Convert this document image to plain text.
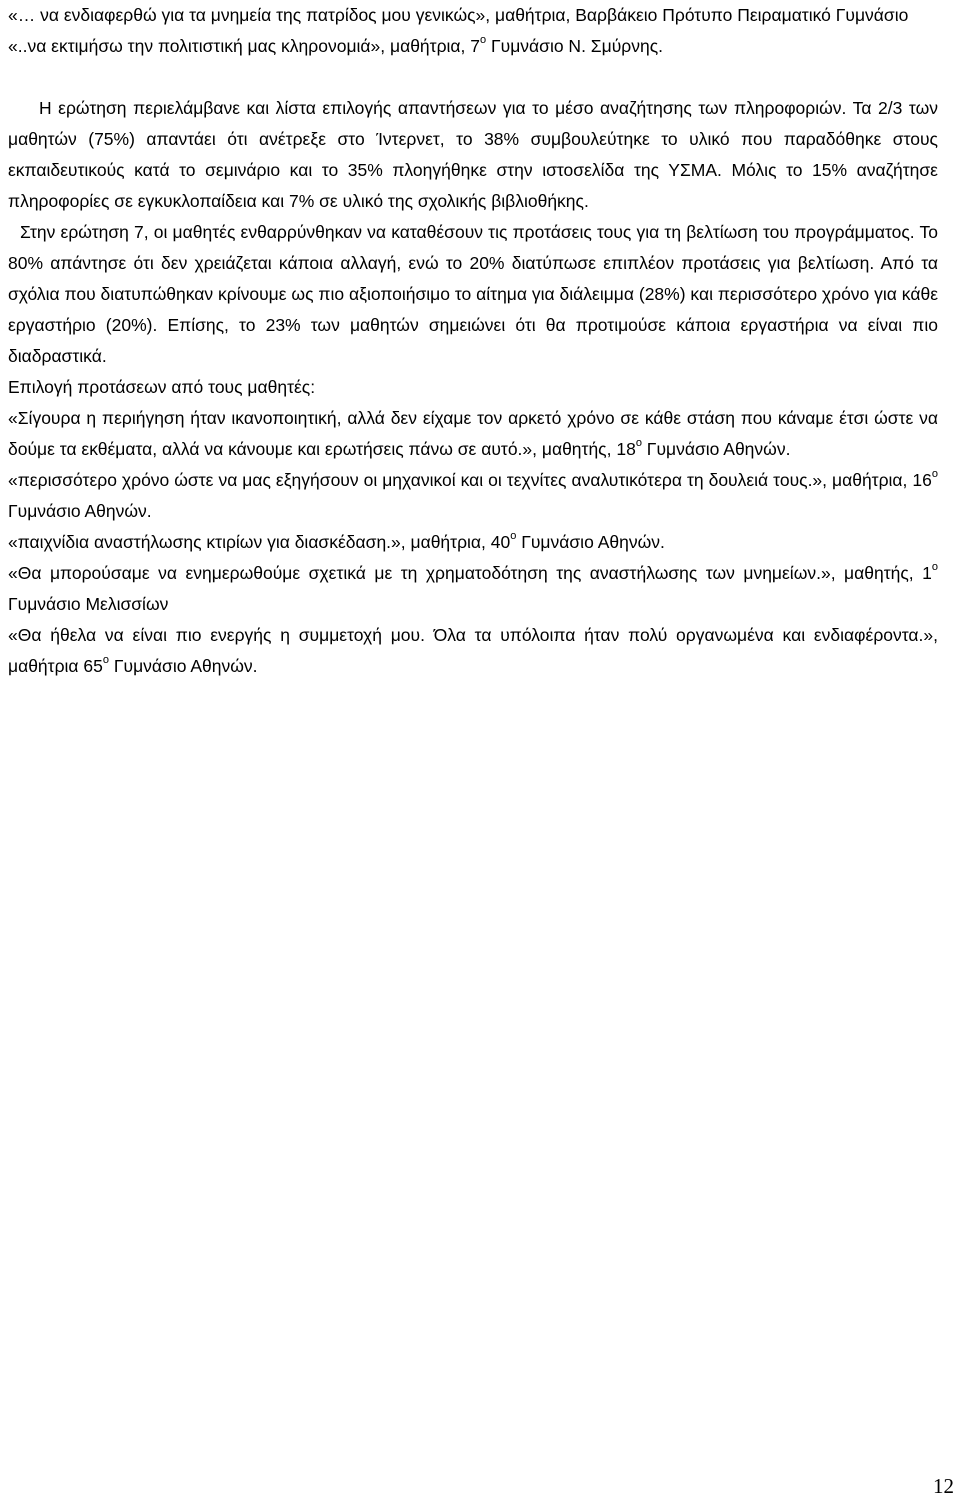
«… να ενδιαφερθώ για τα μνημεία της πατρίδος μου γενικώς», μαθήτρια, Βαρβάκειο Πρότυπο Πειραματικό Γυμνάσιο

«..να εκτιμήσω την πολιτιστική μας κληρονομιά», μαθήτρια, $7^o$ Γυμνάσιο Ν. Σμύρνης.

Η ερώτηση περιελάμβανε και λίστα επιλογής απαντήσεων για το μέσο αναζήτησης των πληροφοριών. Τα 2/3 των μαθητών (75%) απαντάει ότι ανέτρεξε στο Ίντερνετ, το 38% συμβουλεύτηκε το υλικό που παραδόθηκε στους εκπαιδευτικούς κατά το σεμινάριο και το 35% πλοηγήθηκε στην ιστοσελίδα της ΥΣΜΑ. Μόλις το 15% αναζήτησε πληροφορίες σε εγκυκλοπαίδεια και 7% σε υλικό της σχολικής βιβλιοθήκης.

Στην ερώτηση 7, οι μαθητές ενθαρρύνθηκαν να καταθέσουν τις προτάσεις τους για τη βελτίωση του προγράμματος. Το 80% απάντησε ότι δεν χρειάζεται κάποια αλλαγή, ενώ το 20% διατύπωσε επιπλέον προτάσεις για βελτίωση. Από τα σχόλια που διατυπώθηκαν κρίνουμε ως πιο αξιοποιήσιμο το αίτημα για διάλειμμα (28%) και περισσότερο χρόνο για κάθε εργαστήριο (20%). Επίσης, το 23% των μαθητών σημειώνει ότι θα προτιμούσε κάποια εργαστήρια να είναι πιο διαδραστικά.

Επιλογή προτάσεων από τους μαθητές:

«Σίγουρα η περιήγηση ήταν ικανοποιητική, αλλά δεν είχαμε τον αρκετό χρόνο σε κάθε στάση που κάναμε έτσι ώστε να δούμε τα εκθέματα, αλλά να κάνουμε και ερωτήσεις πάνω σε αυτό.», μαθητής, $18^o$ Γυμνάσιο Αθηνών.

«περισσότερο χρόνο ώστε να μας εξηγήσουν οι μηχανικοί και οι τεχνίτες αναλυτικότερα τη δουλειά τους.», μαθήτρια, $16^o$ Γυμνάσιο Αθηνών.

«παιχνίδια αναστήλωσης κτιρίων για διασκέδαση.», μαθήτρια, $40^o$ Γυμνάσιο Αθηνών.

«Θα μπορούσαμε να ενημερωθούμε σχετικά με τη χρηματοδότηση της αναστήλωσης των μνημείων.», μαθητής, $1^o$ Γυμνάσιο Μελισσίων

«Θα ήθελα να είναι πιο ενεργής η συμμετοχή μου. Όλα τα υπόλοιπα ήταν πολύ οργανωμένα και ενδιαφέροντα.», μαθήτρια $65^o$ Γυμνάσιο Αθηνών.

12
